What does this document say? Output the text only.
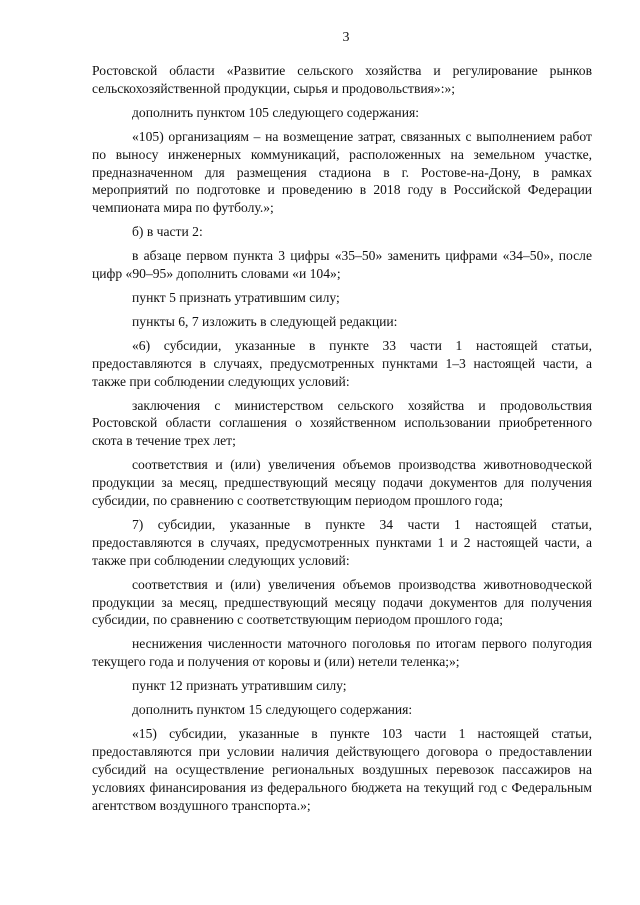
3

Ростовской области «Развитие сельского хозяйства и регулирование рынков сельскохозяйственной продукции, сырья и продовольствия»:»;

дополнить пунктом 105 следующего содержания:

«105) организациям – на возмещение затрат, связанных с выполнением работ по выносу инженерных коммуникаций, расположенных на земельном участке, предназначенном для размещения стадиона в г. Ростове-на-Дону, в рамках мероприятий по подготовке и проведению в 2018 году в Российской Федерации чемпионата мира по футболу.»;

б) в части 2:

в абзаце первом пункта 3 цифры «35–50» заменить цифрами «34–50», после цифр «90–95» дополнить словами «и 104»;

пункт 5 признать утратившим силу;

пункты 6, 7 изложить в следующей редакции:

«6) субсидии, указанные в пункте 33 части 1 настоящей статьи, предоставляются в случаях, предусмотренных пунктами 1–3 настоящей части, а также при соблюдении следующих условий:

заключения с министерством сельского хозяйства и продовольствия Ростовской области соглашения о хозяйственном использовании приобретенного скота в течение трех лет;

соответствия и (или) увеличения объемов производства животноводческой продукции за месяц, предшествующий месяцу подачи документов для получения субсидии, по сравнению с соответствующим периодом прошлого года;

7) субсидии, указанные в пункте 34 части 1 настоящей статьи, предоставляются в случаях, предусмотренных пунктами 1 и 2 настоящей части, а также при соблюдении следующих условий:

соответствия и (или) увеличения объемов производства животноводческой продукции за месяц, предшествующий месяцу подачи документов для получения субсидии, по сравнению с соответствующим периодом прошлого года;

неснижения численности маточного поголовья по итогам первого полугодия текущего года и получения от коровы и (или) нетели теленка;»;

пункт 12 признать утратившим силу;

дополнить пунктом 15 следующего содержания:

«15) субсидии, указанные в пункте 103 части 1 настоящей статьи, предоставляются при условии наличия действующего договора о предоставлении субсидий на осуществление региональных воздушных перевозок пассажиров на условиях финансирования из федерального бюджета на текущий год с Федеральным агентством воздушного транспорта.»;
